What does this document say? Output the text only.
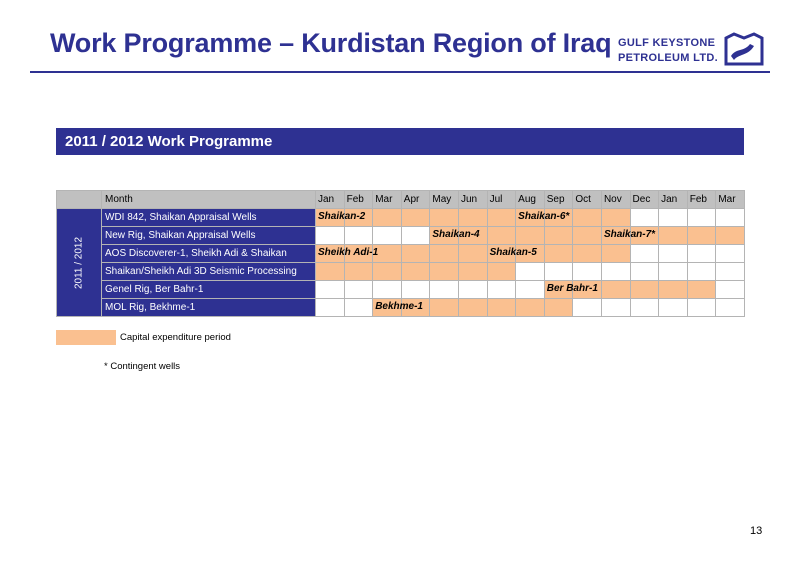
Work Programme – Kurdistan Region of Iraq GULF KEYSTONE
PETROLEUM LTD.
2011 / 2012 Work Programme
	Month	Jan	Feb	Mar	Apr	May	Jun	Jul	Aug	Sep	Oct	Nov	Dec	Jan	Feb	Mar

2011 / 2012	WDI 842, Shaikan Appraisal Wells	Shaikan-2							Shaikan-6*							

	New Rig, Shaikan Appraisal Wells					Shaikan-4						Shaikan-7*				

	AOS Discoverer-1, Sheikh Adi & Shaikan	Sheikh Adi-1						Shaikan-5								

	Shaikan/Sheikh Adi 3D Seismic Processing															
	Genel Rig, Ber Bahr-1									Ber Bahr-1						

	MOL Rig, Bekhme-1			Bekhme-1												

Capital expenditure period
* Contingent wells
13
